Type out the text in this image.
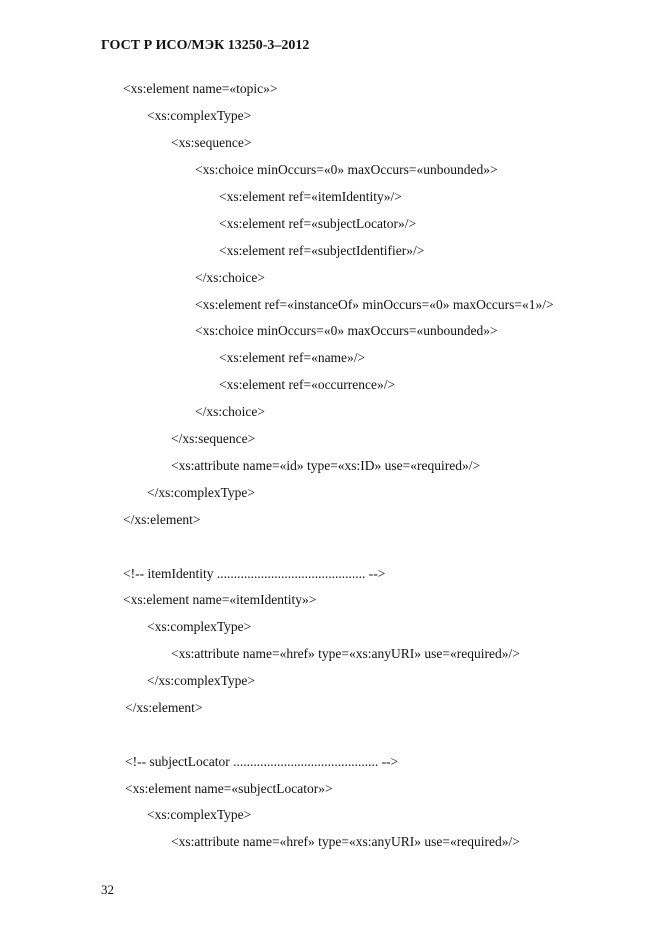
ГОСТ Р ИСО/МЭК 13250-3–2012
<xs:element name=«topic»>
<xs:complexType>
<xs:sequence>
<xs:choice minOccurs=«0» maxOccurs=«unbounded»>
<xs:element ref=«itemIdentity»/>
<xs:element ref=«subjectLocator»/>
<xs:element ref=«subjectIdentifier»/>
</xs:choice>
<xs:element ref=«instanceOf» minOccurs=«0» maxOccurs=«1»/>
<xs:choice minOccurs=«0» maxOccurs=«unbounded»>
<xs:element ref=«name»/>
<xs:element ref=«occurrence»/>
</xs:choice>
</xs:sequence>
<xs:attribute name=«id» type=«xs:ID» use=«required»/>
</xs:complexType>
</xs:element>
<!-- itemIdentity ............................................ -->
<xs:element name=«itemIdentity»>
<xs:complexType>
<xs:attribute name=«href» type=«xs:anyURI» use=«required»/>
</xs:complexType>
</xs:element>
<!-- subjectLocator ........................................... -->
<xs:element name=«subjectLocator»>
<xs:complexType>
<xs:attribute name=«href» type=«xs:anyURI» use=«required»/>
32
